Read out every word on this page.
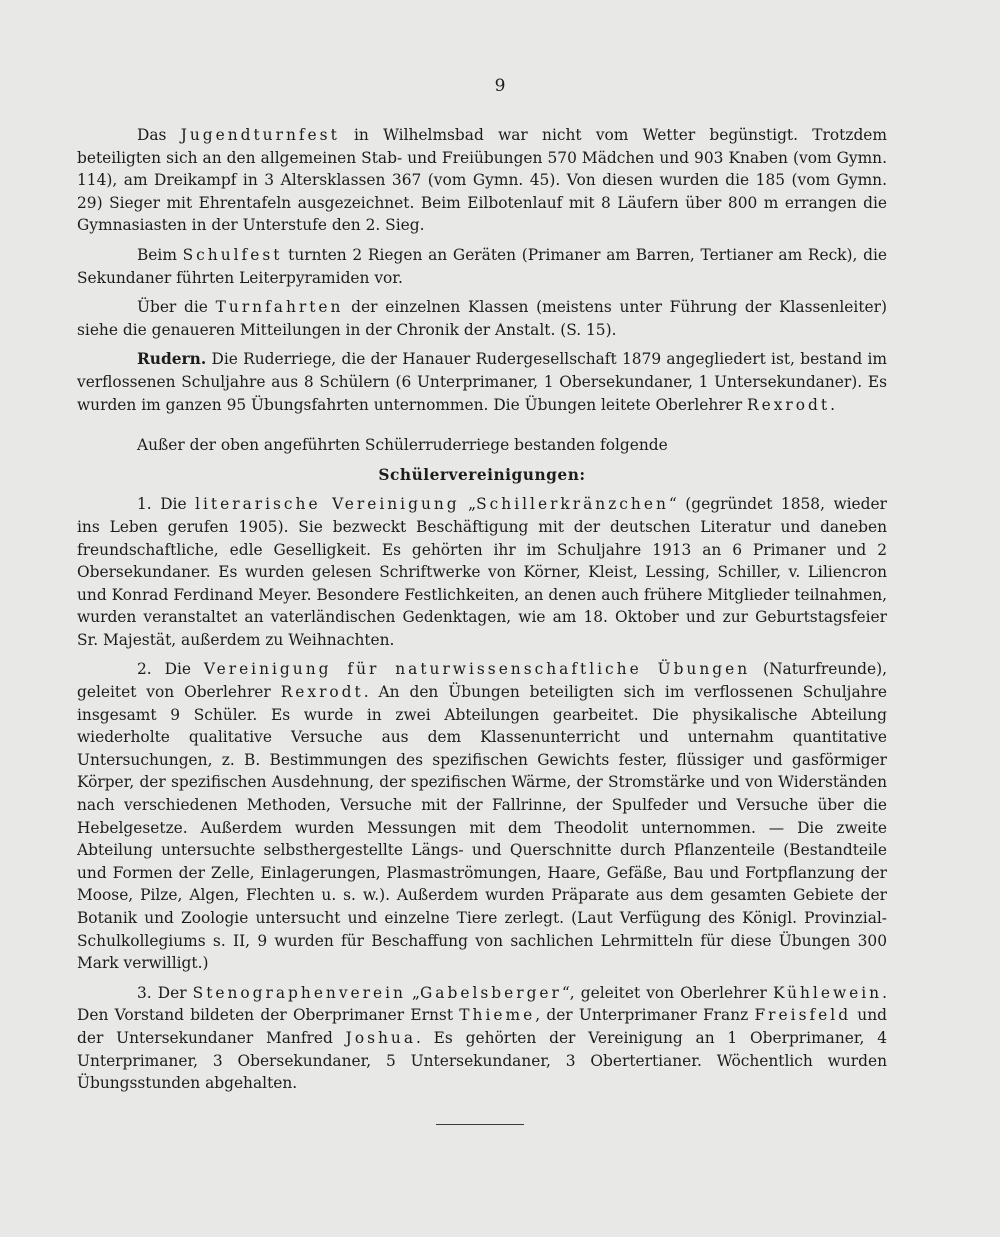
9

Das Jugendturnfest in Wilhelmsbad war nicht vom Wetter begünstigt. Trotzdem beteiligten sich an den allgemeinen Stab- und Freiübungen 570 Mädchen und 903 Knaben (vom Gymn. 114), am Dreikampf in 3 Altersklassen 367 (vom Gymn. 45). Von diesen wurden die 185 (vom Gymn. 29) Sieger mit Ehrentafeln ausgezeichnet. Beim Eilbotenlauf mit 8 Läufern über 800 m errangen die Gymnasiasten in der Unterstufe den 2. Sieg.

Beim Schulfest turnten 2 Riegen an Geräten (Primaner am Barren, Tertianer am Reck), die Sekundaner führten Leiterpyramiden vor.

Über die Turnfahrten der einzelnen Klassen (meistens unter Führung der Klassenleiter) siehe die genaueren Mitteilungen in der Chronik der Anstalt. (S. 15).

Rudern. Die Ruderriege, die der Hanauer Rudergesellschaft 1879 angegliedert ist, bestand im verflossenen Schuljahre aus 8 Schülern (6 Unterprimaner, 1 Obersekundaner, 1 Untersekundaner). Es wurden im ganzen 95 Übungsfahrten unternommen. Die Übungen leitete Oberlehrer Rexrodt.

Außer der oben angeführten Schülerruderriege bestanden folgende

Schülervereinigungen:

1. Die literarische Vereinigung „Schillerkränzchen“ (gegründet 1858, wieder ins Leben gerufen 1905). Sie bezweckt Beschäftigung mit der deutschen Literatur und daneben freundschaftliche, edle Geselligkeit. Es gehörten ihr im Schuljahre 1913 an 6 Primaner und 2 Obersekundaner. Es wurden gelesen Schriftwerke von Körner, Kleist, Lessing, Schiller, v. Liliencron und Konrad Ferdinand Meyer. Besondere Festlichkeiten, an denen auch frühere Mitglieder teilnahmen, wurden veranstaltet an vaterländischen Gedenktagen, wie am 18. Oktober und zur Geburtstagsfeier Sr. Majestät, außerdem zu Weihnachten.

2. Die Vereinigung für naturwissenschaftliche Übungen (Naturfreunde), geleitet von Oberlehrer Rexrodt. An den Übungen beteiligten sich im verflossenen Schuljahre insgesamt 9 Schüler. Es wurde in zwei Abteilungen gearbeitet. Die physikalische Abteilung wiederholte qualitative Versuche aus dem Klassenunterricht und unternahm quantitative Untersuchungen, z. B. Bestimmungen des spezifischen Gewichts fester, flüssiger und gasförmiger Körper, der spezifischen Ausdehnung, der spezifischen Wärme, der Stromstärke und von Widerständen nach verschiedenen Methoden, Versuche mit der Fallrinne, der Spulfeder und Versuche über die Hebelgesetze. Außerdem wurden Messungen mit dem Theodolit unternommen. — Die zweite Abteilung untersuchte selbsthergestellte Längs- und Querschnitte durch Pflanzenteile (Bestandteile und Formen der Zelle, Einlagerungen, Plasmaströmungen, Haare, Gefäße, Bau und Fortpflanzung der Moose, Pilze, Algen, Flechten u. s. w.). Außerdem wurden Präparate aus dem gesamten Gebiete der Botanik und Zoologie untersucht und einzelne Tiere zerlegt. (Laut Verfügung des Königl. Provinzial-Schulkollegiums s. II, 9 wurden für Beschaffung von sachlichen Lehrmitteln für diese Übungen 300 Mark verwilligt.)

3. Der Stenographenverein „Gabelsberger“, geleitet von Oberlehrer Kühlewein. Den Vorstand bildeten der Oberprimaner Ernst Thieme, der Unterprimaner Franz Freisfeld und der Untersekundaner Manfred Joshua. Es gehörten der Vereinigung an 1 Oberprimaner, 4 Unterprimaner, 3 Obersekundaner, 5 Untersekundaner, 3 Obertertianer. Wöchentlich wurden Übungsstunden abgehalten.
